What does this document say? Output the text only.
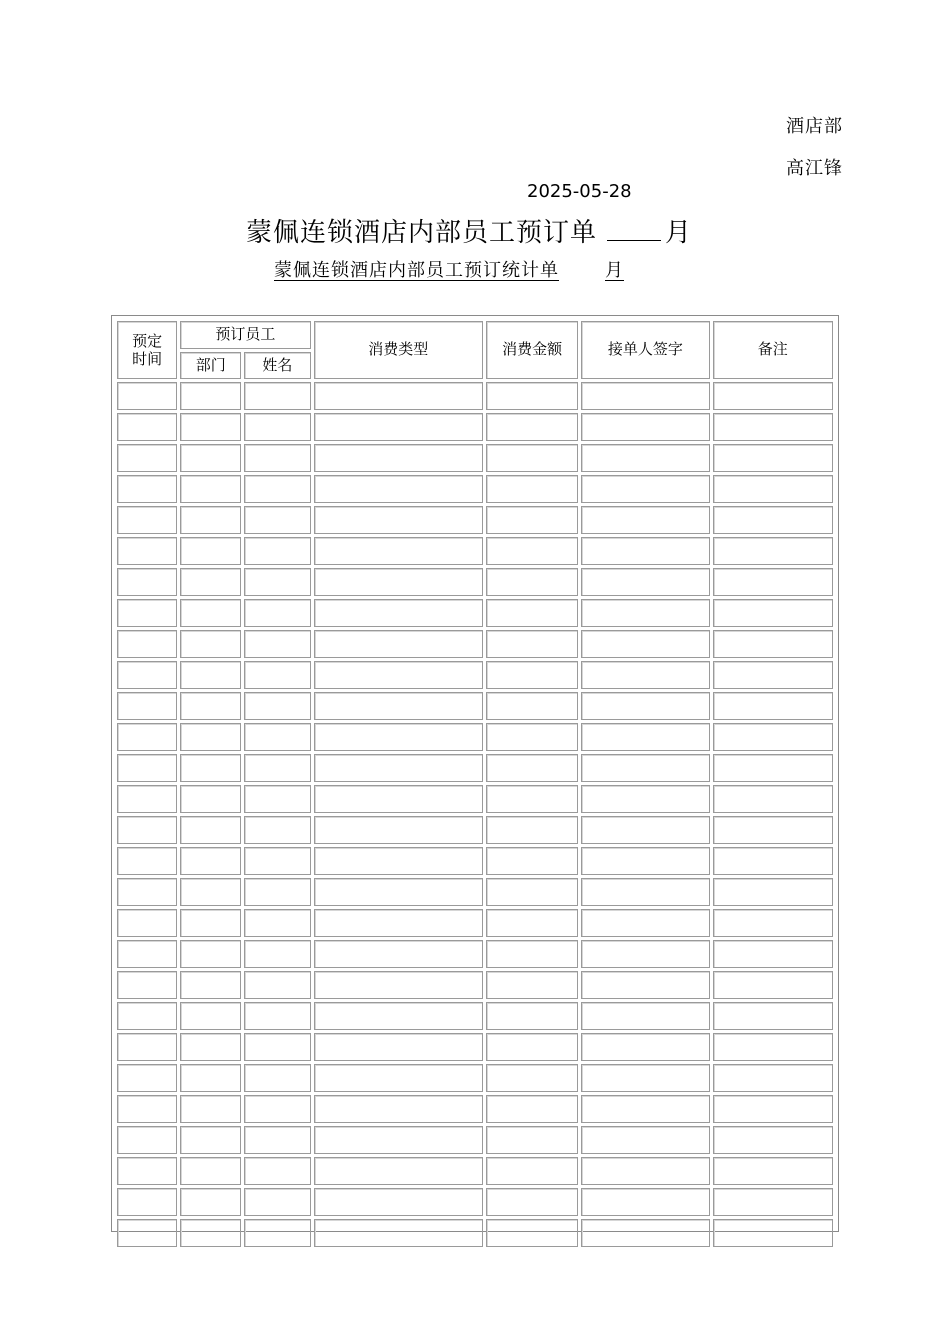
酒店部
高江锋
2025-05-28
蒙佩连锁酒店内部员工预订单	月
蒙佩连锁酒店内部员工预订统计单	月
预定时间	预订员工		消费类型	消费金额	接单人签字	备注
	部门	姓名				
